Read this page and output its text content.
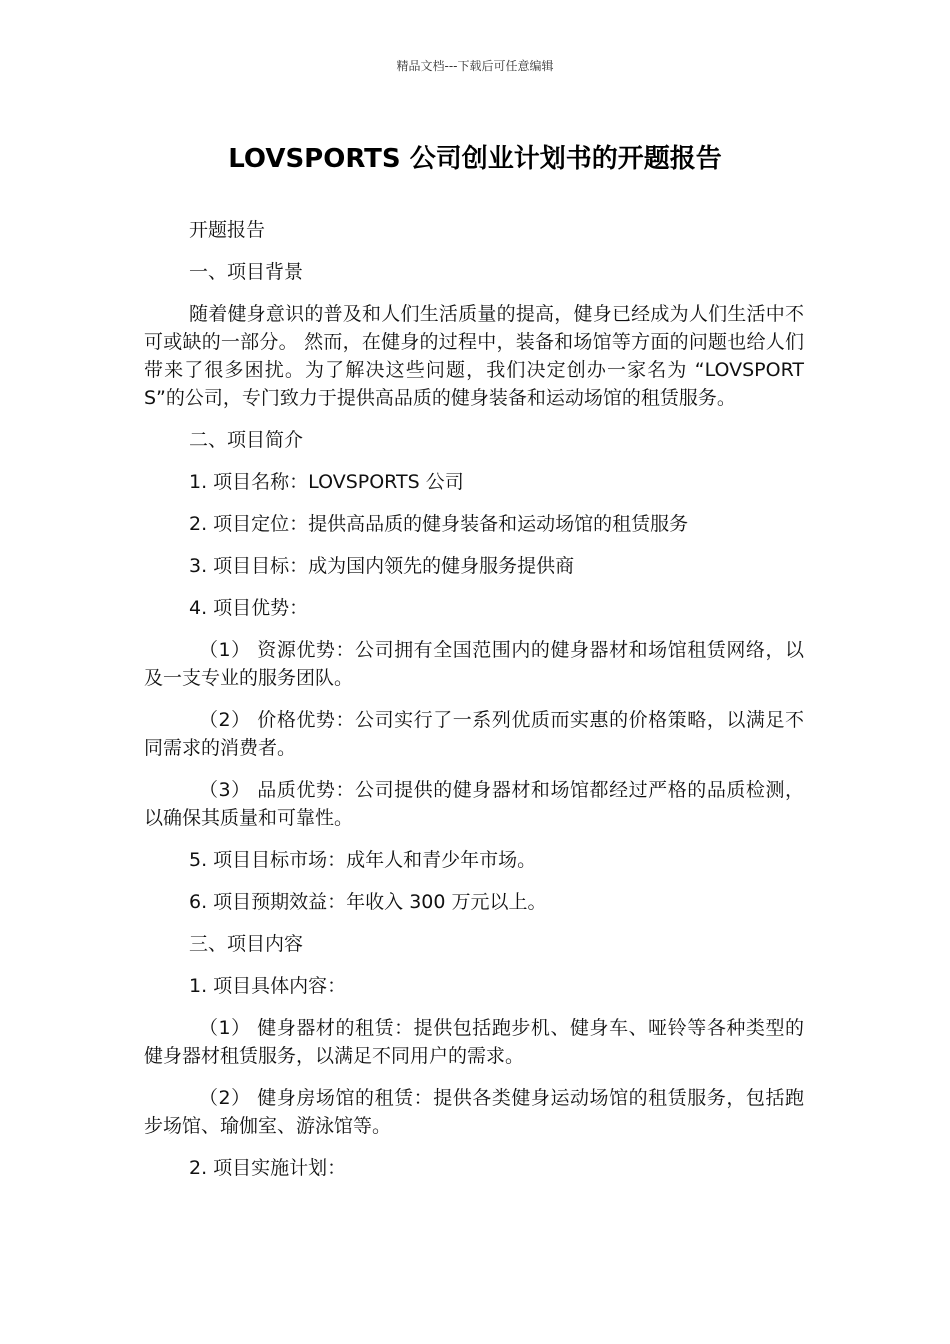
精品文档---下载后可任意编辑
LOVSPORTS 公司创业计划书的开题报告

开题报告

一、项目背景

随着健身意识的普及和人们生活质量的提高，健身已经成为人们生活中不可或缺的一部分。 然而，在健身的过程中，装备和场馆等方面的问题也给人们带来了很多困扰。为了解决这些问题，我们决定创办一家名为 “LOVSPORTS”的公司，专门致力于提供高品质的健身装备和运动场馆的租赁服务。

二、项目简介

1. 项目名称：LOVSPORTS 公司

2. 项目定位：提供高品质的健身装备和运动场馆的租赁服务

3. 项目目标：成为国内领先的健身服务提供商

4. 项目优势：

（1） 资源优势：公司拥有全国范围内的健身器材和场馆租赁网络，以及一支专业的服务团队。

（2） 价格优势：公司实行了一系列优质而实惠的价格策略，以满足不同需求的消费者。

（3） 品质优势：公司提供的健身器材和场馆都经过严格的品质检测，以确保其质量和可靠性。

5. 项目目标市场：成年人和青少年市场。

6. 项目预期效益：年收入 300 万元以上。

三、项目内容

1. 项目具体内容：

（1） 健身器材的租赁：提供包括跑步机、健身车、哑铃等各种类型的健身器材租赁服务，以满足不同用户的需求。

（2） 健身房场馆的租赁：提供各类健身运动场馆的租赁服务，包括跑步场馆、瑜伽室、游泳馆等。

2. 项目实施计划：
